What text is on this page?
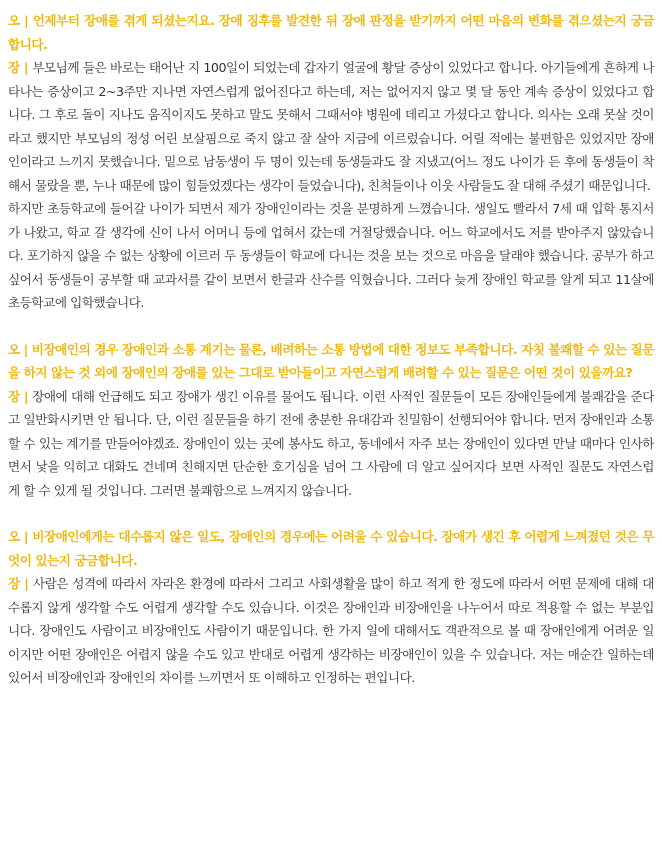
오 | 언제부터 장애를 겪게 되셨는지요. 장애 징후를 발견한 뒤 장애 판정을 받기까지 어떤 마음의 변화를 겪으셨는지 궁금합니다.

장 | 부모님께 들은 바로는 태어난 지 100일이 되었는데 갑자기 얼굴에 황달 증상이 있었다고 합니다. 아기들에게 흔하게 나타나는 증상이고 2~3주만 지나면 자연스럽게 없어진다고 하는데, 저는 없어지지 않고 몇 달 동안 계속 증상이 있었다고 합니다. 그 후로 돌이 지나도 움직이지도 못하고 말도 못해서 그때서야 병원에 데리고 가셨다고 합니다. 의사는 오래 못살 것이라고 했지만 부모님의 정성 어린 보살핌으로 죽지 않고 잘 살아 지금에 이르렀습니다. 어릴 적에는 불편함은 있었지만 장애인이라고 느끼지 못했습니다. 밑으로 남동생이 두 명이 있는데 동생들과도 잘 지냈고(어느 정도 나이가 든 후에 동생들이 착해서 물랐을 뿐, 누나 때문에 많이 힘들었겠다는 생각이 들었습니다), 친척들이나 이웃 사람들도 잘 대해 주셨기 때문입니다.

하지만 초등학교에 들어갈 나이가 되면서 제가 장애인이라는 것을 분명하게 느꼈습니다. 생일도 빨라서 7세 때 입학 통지서가 나왔고, 학교 갈 생각에 신이 나서 어머니 등에 업혀서 갔는데 거절당했습니다. 어느 학교에서도 저를 받아주지 않았습니다. 포기하지 않을 수 없는 상황에 이르러 두 동생들이 학교에 다니는 것을 보는 것으로 마음을 달래야 했습니다. 공부가 하고 싶어서 동생들이 공부할 때 교과서를 같이 보면서 한글과 산수를 익혔습니다. 그러다 늦게 장애인 학교를 알게 되고 11살에 초등학교에 입학했습니다.

오 | 비장애인의 경우 장애인과 소통 계기는 물론, 배려하는 소통 방법에 대한 정보도 부족합니다. 자칫 불쾌할 수 있는 질문을 하지 않는 것 외에 장애인의 장애를 있는 그대로 받아들이고 자연스럽게 배려할 수 있는 질문은 어떤 것이 있을까요?

장 | 장애에 대해 언급해도 되고 장애가 생긴 이유를 물어도 됩니다. 이런 사적인 질문들이 모든 장애인들에게 불쾌감을 준다고 일반화시키면 안 됩니다. 단, 이런 질문들을 하기 전에 충분한 유대감과 친밀함이 선행되어야 합니다. 먼저 장애인과 소통할 수 있는 계기를 만들어야겠죠. 장애인이 있는 곳에 봉사도 하고, 동네에서 자주 보는 장애인이 있다면 만날 때마다 인사하면서 낯을 익히고 대화도 건네며 친해지면 단순한 호기심을 넘어 그 사람에 더 알고 싶어지다 보면 사적인 질문도 자연스럽게 할 수 있게 될 것입니다. 그러면 불쾌함으로 느껴지지 않습니다.

오 | 비장애인에게는 대수롭지 않은 일도, 장애인의 경우에는 어려울 수 있습니다. 장애가 생긴 후 어렵게 느껴졌던 것은 무엇이 있는지 궁금합니다.

장 | 사람은 성격에 따라서 자라온 환경에 따라서 그리고 사회생활을 많이 하고 적게 한 정도에 따라서 어떤 문제에 대해 대수롭지 않게 생각할 수도 어렵게 생각할 수도 있습니다. 이것은 장애인과 비장애인을 나누어서 따로 적용할 수 없는 부분입니다. 장애인도 사람이고 비장애인도 사람이기 때문입니다. 한 가지 일에 대해서도 객관적으로 볼 때 장애인에게 어려운 일이지만 어떤 장애인은 어렵지 않을 수도 있고 반대로 어렵게 생각하는 비장애인이 있을 수 있습니다. 저는 매순간 일하는데 있어서 비장애인과 장애인의 차이를 느끼면서 또 이해하고 인정하는 편입니다.
